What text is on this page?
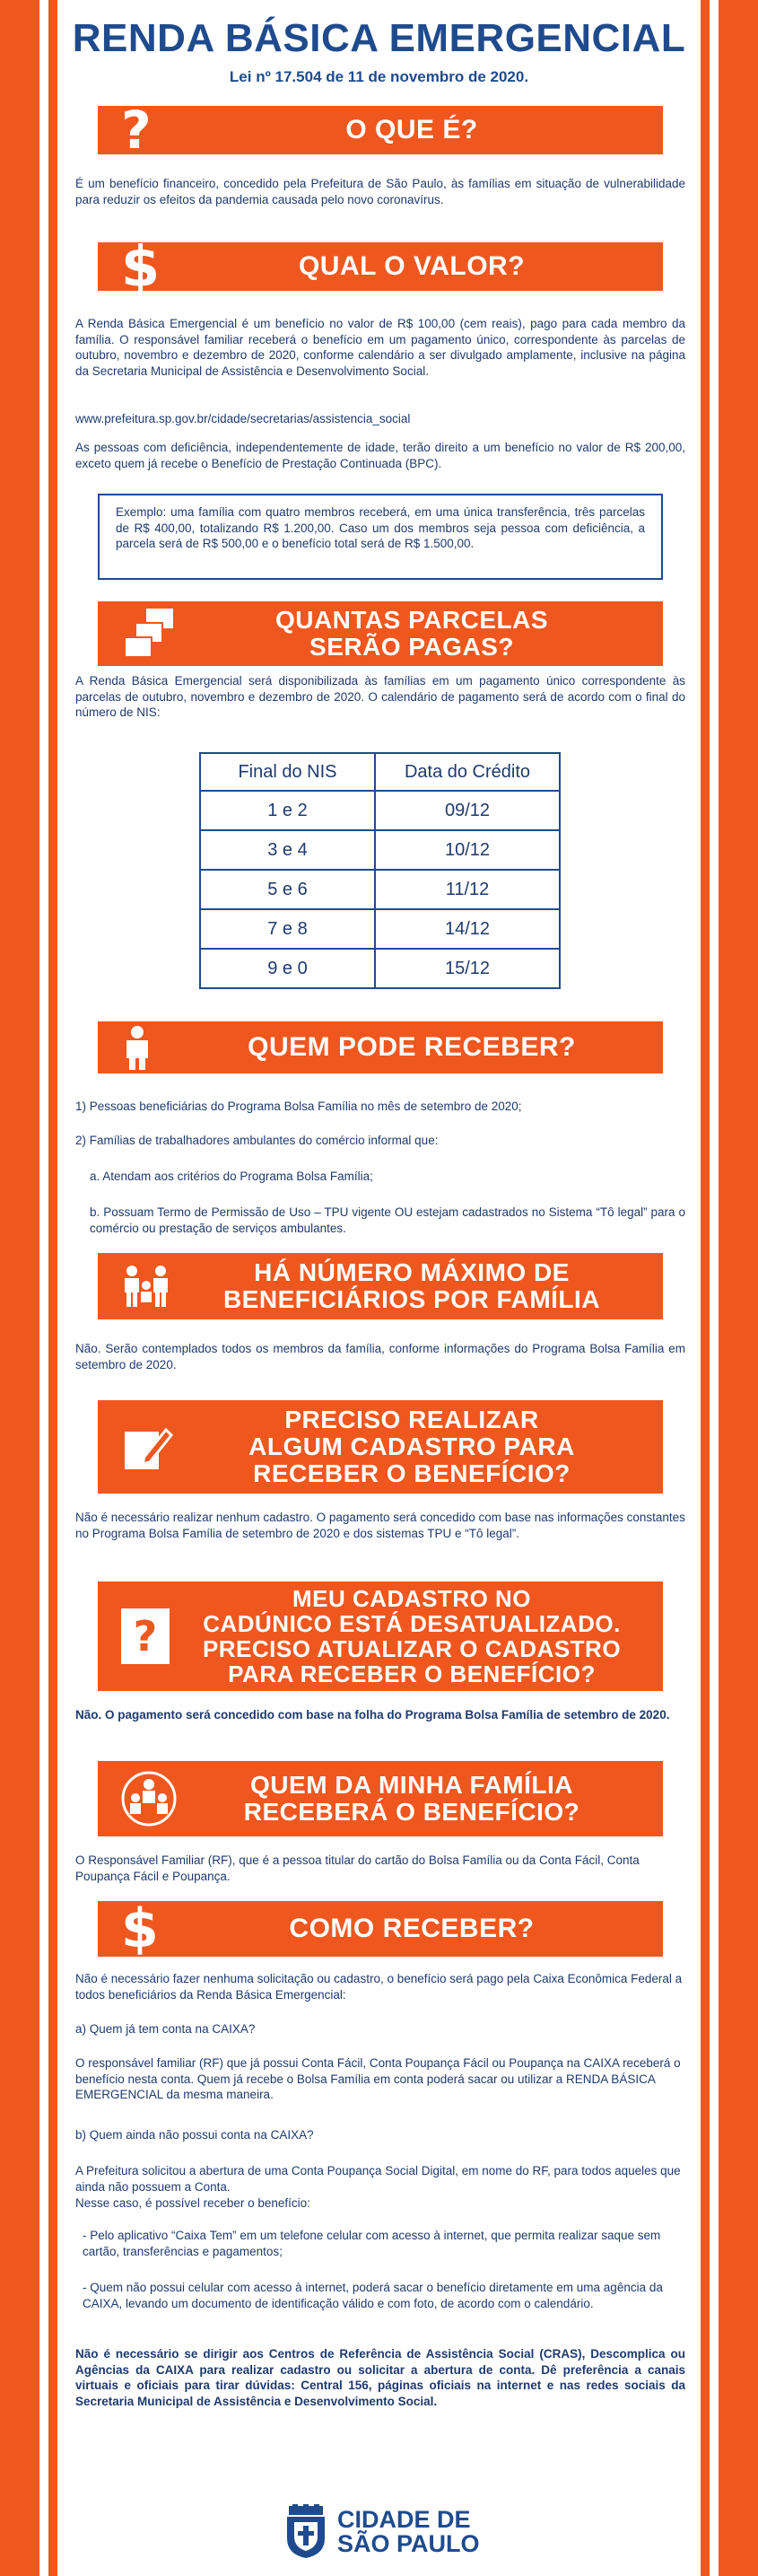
RENDA BÁSICA EMERGENCIAL
Lei nº 17.504 de 11 de novembro de 2020.
?	O QUE É?
É um benefício financeiro, concedido pela Prefeitura de São Paulo, às famílias em situação de vulnerabilidade para reduzir os efeitos da pandemia causada pelo novo coronavírus.
$	QUAL O VALOR?
A Renda Básica Emergencial é um benefício no valor de R$ 100,00 (cem reais), pago para cada membro da família. O responsável familiar receberá o benefício em um pagamento único, correspondente às parcelas de outubro, novembro e dezembro de 2020, conforme calendário a ser divulgado amplamente, inclusive na página da Secretaria Municipal de Assistência e Desenvolvimento Social.
www.prefeitura.sp.gov.br/cidade/secretarias/assistencia_social
As pessoas com deficiência, independentemente de idade, terão direito a um benefício no valor de R$ 200,00, exceto quem já recebe o Benefício de Prestação Continuada (BPC).
Exemplo: uma família com quatro membros receberá, em uma única transferência, três parcelas de R$ 400,00, totalizando R$ 1.200,00. Caso um dos membros seja pessoa com deficiência, a parcela será de R$ 500,00 e o benefício total será de R$ 1.500,00.
QUANTAS PARCELAS
SERÃO PAGAS?
A Renda Básica Emergencial será disponibilizada às famílias em um pagamento único correspondente às parcelas de outubro, novembro e dezembro de 2020. O calendário de pagamento será de acordo com o final do número de NIS:
Final do NIS	Data do Crédito
1 e 2	09/12
3 e 4	10/12
5 e 6	11/12
7 e 8	14/12
9 e 0	15/12
QUEM PODE RECEBER?
1) Pessoas beneficiárias do Programa Bolsa Família no mês de setembro de 2020;
2) Famílias de trabalhadores ambulantes do comércio informal que:
a. Atendam aos critérios do Programa Bolsa Família;
b. Possuam Termo de Permissão de Uso – TPU vigente OU estejam cadastrados no Sistema “Tô legal” para o comércio ou prestação de serviços ambulantes.
HÁ NÚMERO MÁXIMO DE
BENEFICIÁRIOS POR FAMÍLIA
Não. Serão contemplados todos os membros da família, conforme informações do Programa Bolsa Família em setembro de 2020.
PRECISO REALIZAR
ALGUM CADASTRO PARA
RECEBER O BENEFÍCIO?
Não é necessário realizar nenhum cadastro. O pagamento será concedido com base nas informações constantes no Programa Bolsa Família de setembro de 2020 e dos sistemas TPU e “Tô legal”.
?
MEU CADASTRO NO
CADÚNICO ESTÁ DESATUALIZADO.
PRECISO ATUALIZAR O CADASTRO
PARA RECEBER O BENEFÍCIO?
Não. O pagamento será concedido com base na folha do Programa Bolsa Família de setembro de 2020.
QUEM DA MINHA FAMÍLIA
RECEBERÁ O BENEFÍCIO?
O Responsável Familiar (RF), que é a pessoa titular do cartão do Bolsa Família ou da Conta Fácil, Conta Poupança Fácil e Poupança.
$	COMO RECEBER?
Não é necessário fazer nenhuma solicitação ou cadastro, o benefício será pago pela Caixa Econômica Federal a todos beneficiários da Renda Básica Emergencial:
a) Quem já tem conta na CAIXA?
O responsável familiar (RF) que já possui Conta Fácil, Conta Poupança Fácil ou Poupança na CAIXA receberá o benefício nesta conta. Quem já recebe o Bolsa Família em conta poderá sacar ou utilizar a RENDA BÁSICA EMERGENCIAL da mesma maneira.
b) Quem ainda não possui conta na CAIXA?
A Prefeitura solicitou a abertura de uma Conta Poupança Social Digital, em nome do RF, para todos aqueles que ainda não possuem a Conta.
Nesse caso, é possível receber o benefício:
- Pelo aplicativo “Caixa Tem” em um telefone celular com acesso à internet, que permita realizar saque sem cartão, transferências e pagamentos;
- Quem não possui celular com acesso à internet, poderá sacar o benefício diretamente em uma agência da CAIXA, levando um documento de identificação válido e com foto, de acordo com o calendário.
Não é necessário se dirigir aos Centros de Referência de Assistência Social (CRAS), Descomplica ou Agências da CAIXA para realizar cadastro ou solicitar a abertura de conta. Dê preferência a canais virtuais e oficiais para tirar dúvidas: Central 156, páginas oficiais na internet e nas redes sociais da Secretaria Municipal de Assistência e Desenvolvimento Social.
CIDADE DE
SÃO PAULO
